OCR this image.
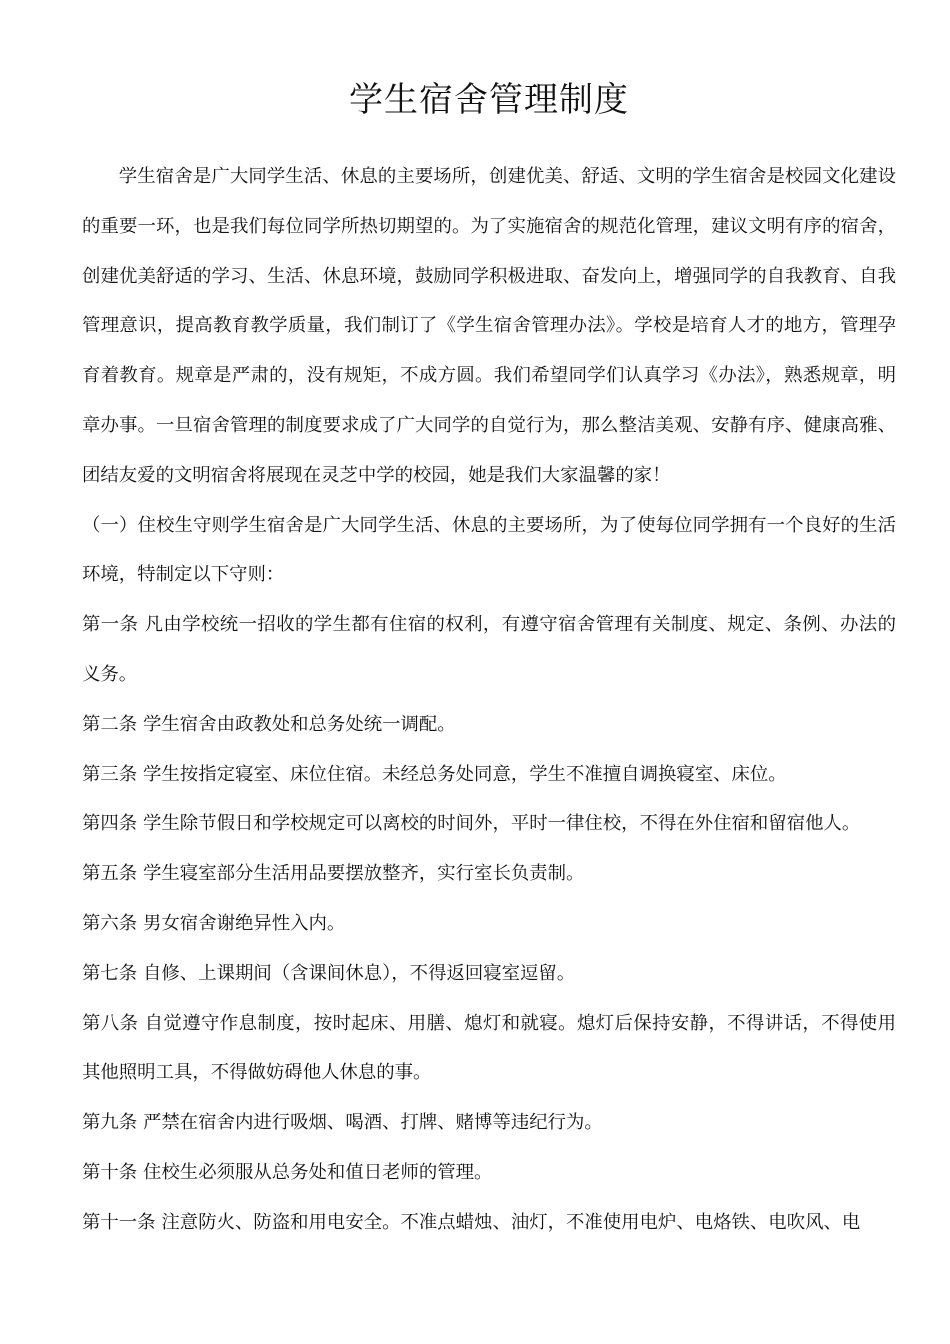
学生宿舍管理制度

学生宿舍是广大同学生活、休息的主要场所，创建优美、舒适、文明的学生宿舍是校园文化建设的重要一环，也是我们每位同学所热切期望的。为了实施宿舍的规范化管理，建议文明有序的宿舍，创建优美舒适的学习、生活、休息环境，鼓励同学积极进取、奋发向上，增强同学的自我教育、自我管理意识，提高教育教学质量，我们制订了《学生宿舍管理办法》。学校是培育人才的地方，管理孕育着教育。规章是严肃的，没有规矩，不成方圆。我们希望同学们认真学习《办法》，熟悉规章，明章办事。一旦宿舍管理的制度要求成了广大同学的自觉行为，那么整洁美观、安静有序、健康高雅、团结友爱的文明宿舍将展现在灵芝中学的校园，她是我们大家温馨的家！

（一）住校生守则学生宿舍是广大同学生活、休息的主要场所，为了使每位同学拥有一个良好的生活环境，特制定以下守则：

第一条 凡由学校统一招收的学生都有住宿的权利，有遵守宿舍管理有关制度、规定、条例、办法的义务。

第二条 学生宿舍由政教处和总务处统一调配。

第三条 学生按指定寝室、床位住宿。未经总务处同意，学生不准擅自调换寝室、床位。

第四条 学生除节假日和学校规定可以离校的时间外，平时一律住校，不得在外住宿和留宿他人。

第五条 学生寝室部分生活用品要摆放整齐，实行室长负责制。

第六条 男女宿舍谢绝异性入内。

第七条 自修、上课期间（含课间休息），不得返回寝室逗留。

第八条 自觉遵守作息制度，按时起床、用膳、熄灯和就寝。熄灯后保持安静，不得讲话，不得使用其他照明工具，不得做妨碍他人休息的事。

第九条 严禁在宿舍内进行吸烟、喝酒、打牌、赌博等违纪行为。

第十条 住校生必须服从总务处和值日老师的管理。

第十一条 注意防火、防盗和用电安全。不准点蜡烛、油灯，不准使用电炉、电烙铁、电吹风、电
